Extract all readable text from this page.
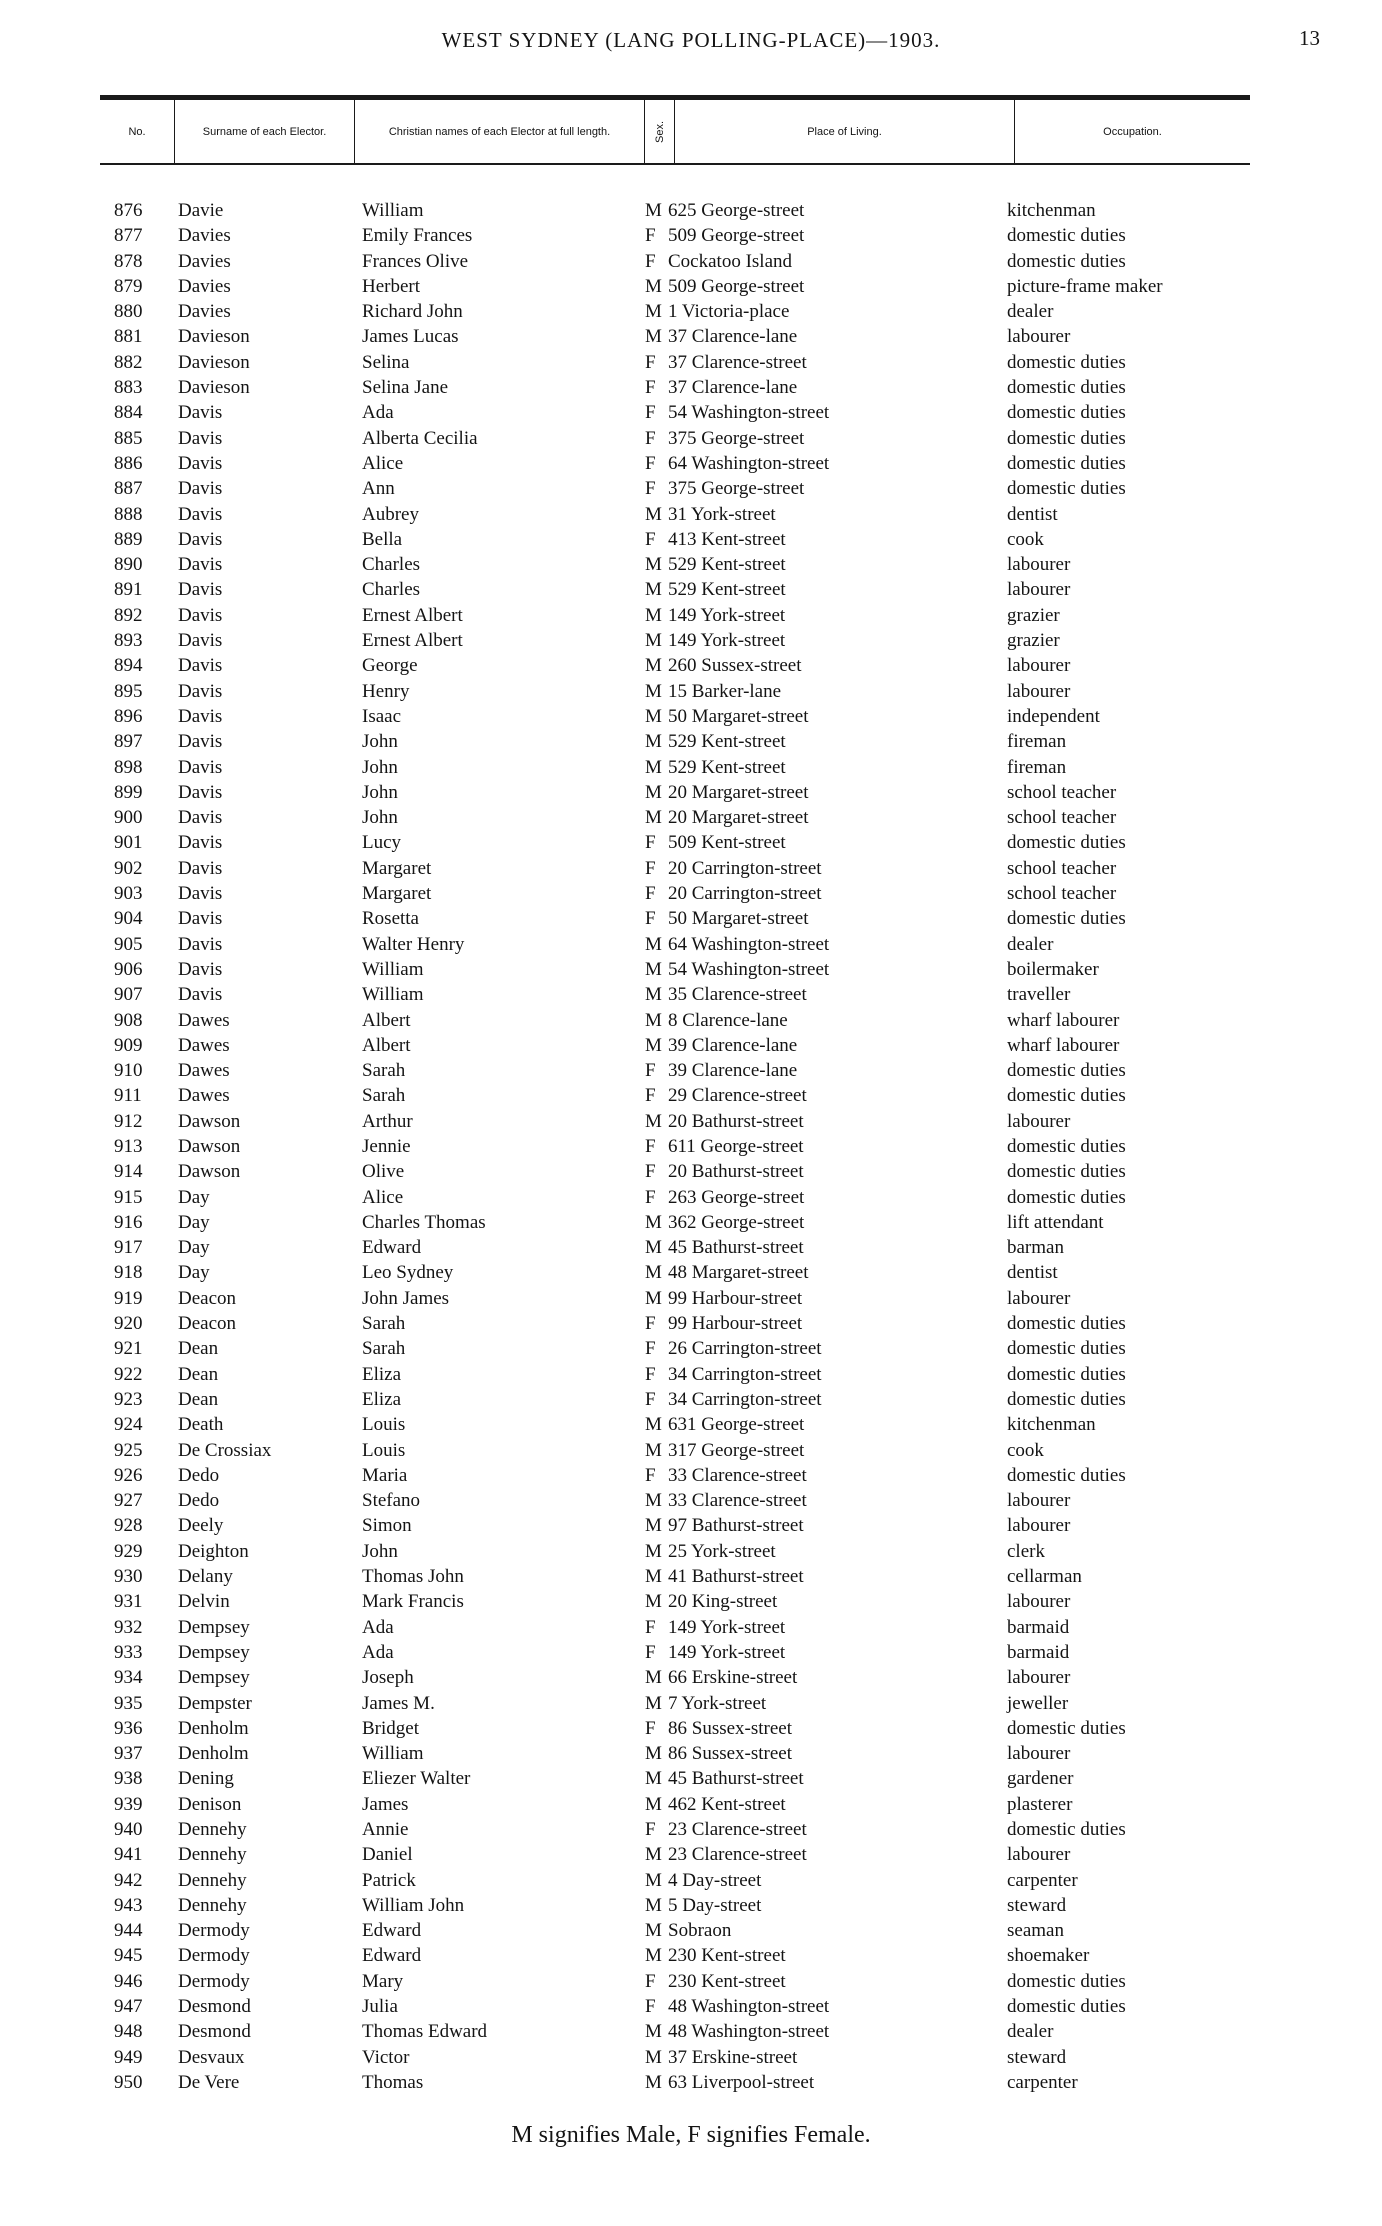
WEST SYDNEY (LANG POLLING-PLACE)—1903.	13
No.	Surname of each Elector.	Christian names of each Elector at full length.	Sex.	Place of Living.	Occupation.
876	Davie	William	M 625 George-street	kitchenman
877	Davies	Emily Frances	F 509 George-street	domestic duties
878	Davies	Frances Olive	F Cockatoo Island	domestic duties
879	Davies	Herbert	M 509 George-street	picture-frame maker
880	Davies	Richard John	M 1 Victoria-place	dealer
881	Davieson	James Lucas	M 37 Clarence-lane	labourer
882	Davieson	Selina	F 37 Clarence-street	domestic duties
883	Davieson	Selina Jane	F 37 Clarence-lane	domestic duties
884	Davis	Ada	F 54 Washington-street	domestic duties
885	Davis	Alberta Cecilia	F 375 George-street	domestic duties
886	Davis	Alice	F 64 Washington-street	domestic duties
887	Davis	Ann	F 375 George-street	domestic duties
888	Davis	Aubrey	M 31 York-street	dentist
889	Davis	Bella	F 413 Kent-street	cook
890	Davis	Charles	M 529 Kent-street	labourer
891	Davis	Charles	M 529 Kent-street	labourer
892	Davis	Ernest Albert	M 149 York-street	grazier
893	Davis	Ernest Albert	M 149 York-street	grazier
894	Davis	George	M 260 Sussex-street	labourer
895	Davis	Henry	M 15 Barker-lane	labourer
896	Davis	Isaac	M 50 Margaret-street	independent
897	Davis	John	M 529 Kent-street	fireman
898	Davis	John	M 529 Kent-street	fireman
899	Davis	John	M 20 Margaret-street	school teacher
900	Davis	John	M 20 Margaret-street	school teacher
901	Davis	Lucy	F 509 Kent-street	domestic duties
902	Davis	Margaret	F 20 Carrington-street	school teacher
903	Davis	Margaret	F 20 Carrington-street	school teacher
904	Davis	Rosetta	F 50 Margaret-street	domestic duties
905	Davis	Walter Henry	M 64 Washington-street	dealer
906	Davis	William	M 54 Washington-street	boilermaker
907	Davis	William	M 35 Clarence-street	traveller
908	Dawes	Albert	M 8 Clarence-lane	wharf labourer
909	Dawes	Albert	M 39 Clarence-lane	wharf labourer
910	Dawes	Sarah	F 39 Clarence-lane	domestic duties
911	Dawes	Sarah	F 29 Clarence-street	domestic duties
912	Dawson	Arthur	M 20 Bathurst-street	labourer
913	Dawson	Jennie	F 611 George-street	domestic duties
914	Dawson	Olive	F 20 Bathurst-street	domestic duties
915	Day	Alice	F 263 George-street	domestic duties
916	Day	Charles Thomas	M 362 George-street	lift attendant
917	Day	Edward	M 45 Bathurst-street	barman
918	Day	Leo Sydney	M 48 Margaret-street	dentist
919	Deacon	John James	M 99 Harbour-street	labourer
920	Deacon	Sarah	F 99 Harbour-street	domestic duties
921	Dean	Sarah	F 26 Carrington-street	domestic duties
922	Dean	Eliza	F 34 Carrington-street	domestic duties
923	Dean	Eliza	F 34 Carrington-street	domestic duties
924	Death	Louis	M 631 George-street	kitchenman
925	De Crossiax	Louis	M 317 George-street	cook
926	Dedo	Maria	F 33 Clarence-street	domestic duties
927	Dedo	Stefano	M 33 Clarence-street	labourer
928	Deely	Simon	M 97 Bathurst-street	labourer
929	Deighton	John	M 25 York-street	clerk
930	Delany	Thomas John	M 41 Bathurst-street	cellarman
931	Delvin	Mark Francis	M 20 King-street	labourer
932	Dempsey	Ada	F 149 York-street	barmaid
933	Dempsey	Ada	F 149 York-street	barmaid
934	Dempsey	Joseph	M 66 Erskine-street	labourer
935	Dempster	James M.	M 7 York-street	jeweller
936	Denholm	Bridget	F 86 Sussex-street	domestic duties
937	Denholm	William	M 86 Sussex-street	labourer
938	Dening	Eliezer Walter	M 45 Bathurst-street	gardener
939	Denison	James	M 462 Kent-street	plasterer
940	Dennehy	Annie	F 23 Clarence-street	domestic duties
941	Dennehy	Daniel	M 23 Clarence-street	labourer
942	Dennehy	Patrick	M 4 Day-street	carpenter
943	Dennehy	William John	M 5 Day-street	steward
944	Dermody	Edward	M Sobraon	seaman
945	Dermody	Edward	M 230 Kent-street	shoemaker
946	Dermody	Mary	F 230 Kent-street	domestic duties
947	Desmond	Julia	F 48 Washington-street	domestic duties
948	Desmond	Thomas Edward	M 48 Washington-street	dealer
949	Desvaux	Victor	M 37 Erskine-street	steward
950	De Vere	Thomas	M 63 Liverpool-street	carpenter
M signifies Male, F signifies Female.
